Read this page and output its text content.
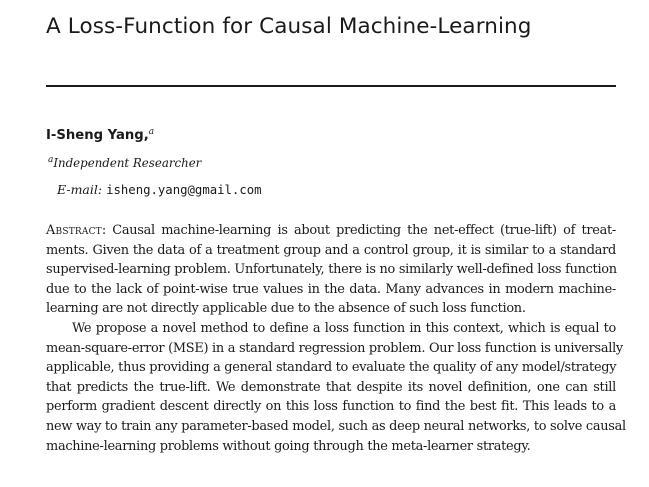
A Loss-Function for Causal Machine-Learning
I-Sheng Yang,$^a$
$^a$Independent Researcher
E-mail: isheng.yang@gmail.com
Abstract: Causal machine-learning is about predicting the net-effect (true-lift) of treat-
ments. Given the data of a treatment group and a control group, it is similar to a standard
supervised-learning problem. Unfortunately, there is no similarly well-defined loss function
due to the lack of point-wise true values in the data. Many advances in modern machine-
learning are not directly applicable due to the absence of such loss function.
We propose a novel method to define a loss function in this context, which is equal to
mean-square-error (MSE) in a standard regression problem. Our loss function is universally
applicable, thus providing a general standard to evaluate the quality of any model/strategy
that predicts the true-lift. We demonstrate that despite its novel definition, one can still
perform gradient descent directly on this loss function to find the best fit. This leads to a
new way to train any parameter-based model, such as deep neural networks, to solve causal
machine-learning problems without going through the meta-learner strategy.
